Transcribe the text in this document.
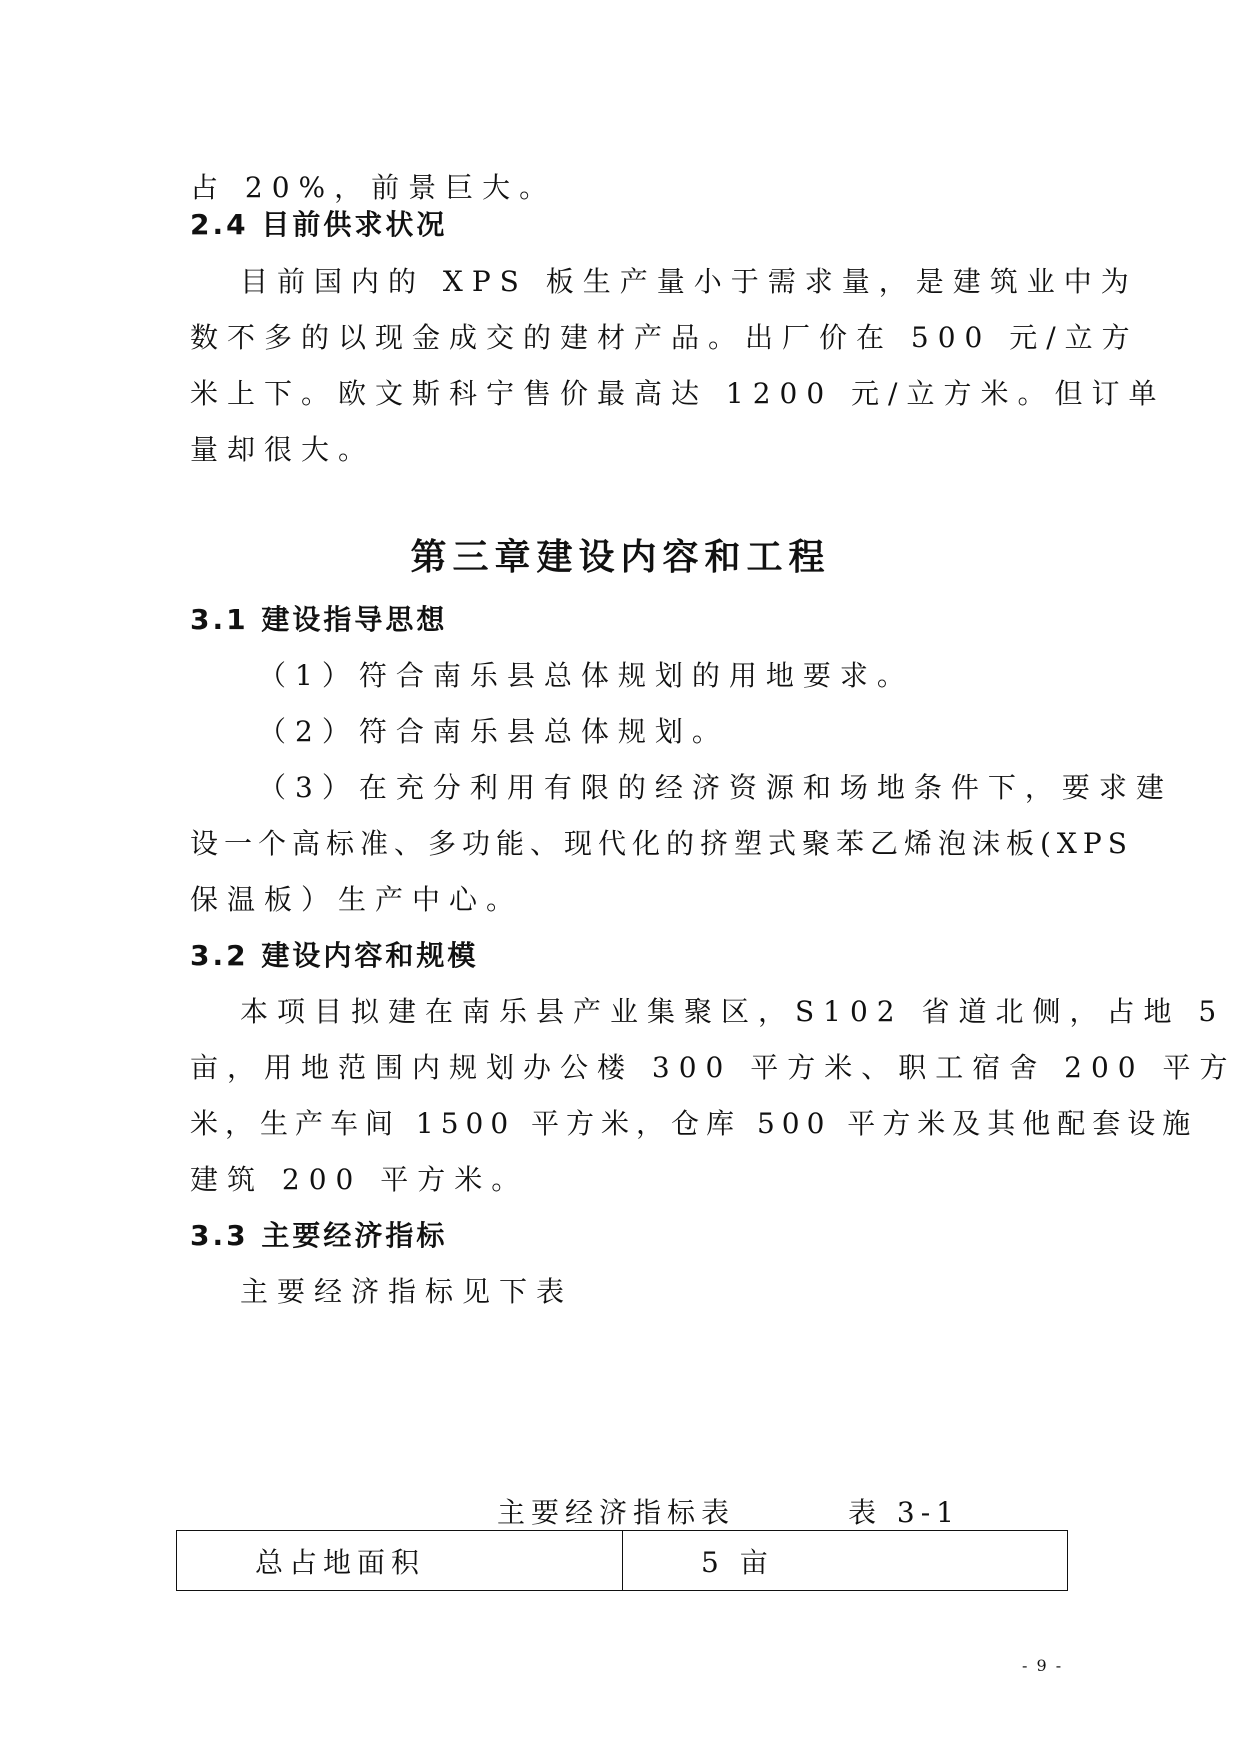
占 20%，前景巨大。
2.4 目前供求状况
目前国内的 XPS 板生产量小于需求量，是建筑业中为
数不多的以现金成交的建材产品。出厂价在 500 元/立方
米上下。欧文斯科宁售价最高达 1200 元/立方米。但订单
量却很大。
第三章建设内容和工程
3.1 建设指导思想
（1）符合南乐县总体规划的用地要求。
（2）符合南乐县总体规划。
（3）在充分利用有限的经济资源和场地条件下，要求建
设一个高标准、多功能、现代化的挤塑式聚苯乙烯泡沫板(XPS
保温板）生产中心。
3.2 建设内容和规模
本项目拟建在南乐县产业集聚区，S102 省道北侧，占地 5
亩，用地范围内规划办公楼 300 平方米、职工宿舍 200 平方
米，生产车间 1500 平方米，仓库 500 平方米及其他配套设施
建筑 200 平方米。
3.3 主要经济指标
主要经济指标见下表
主要经济指标表	表 3-1
总占地面积	5 亩
- 9 -
